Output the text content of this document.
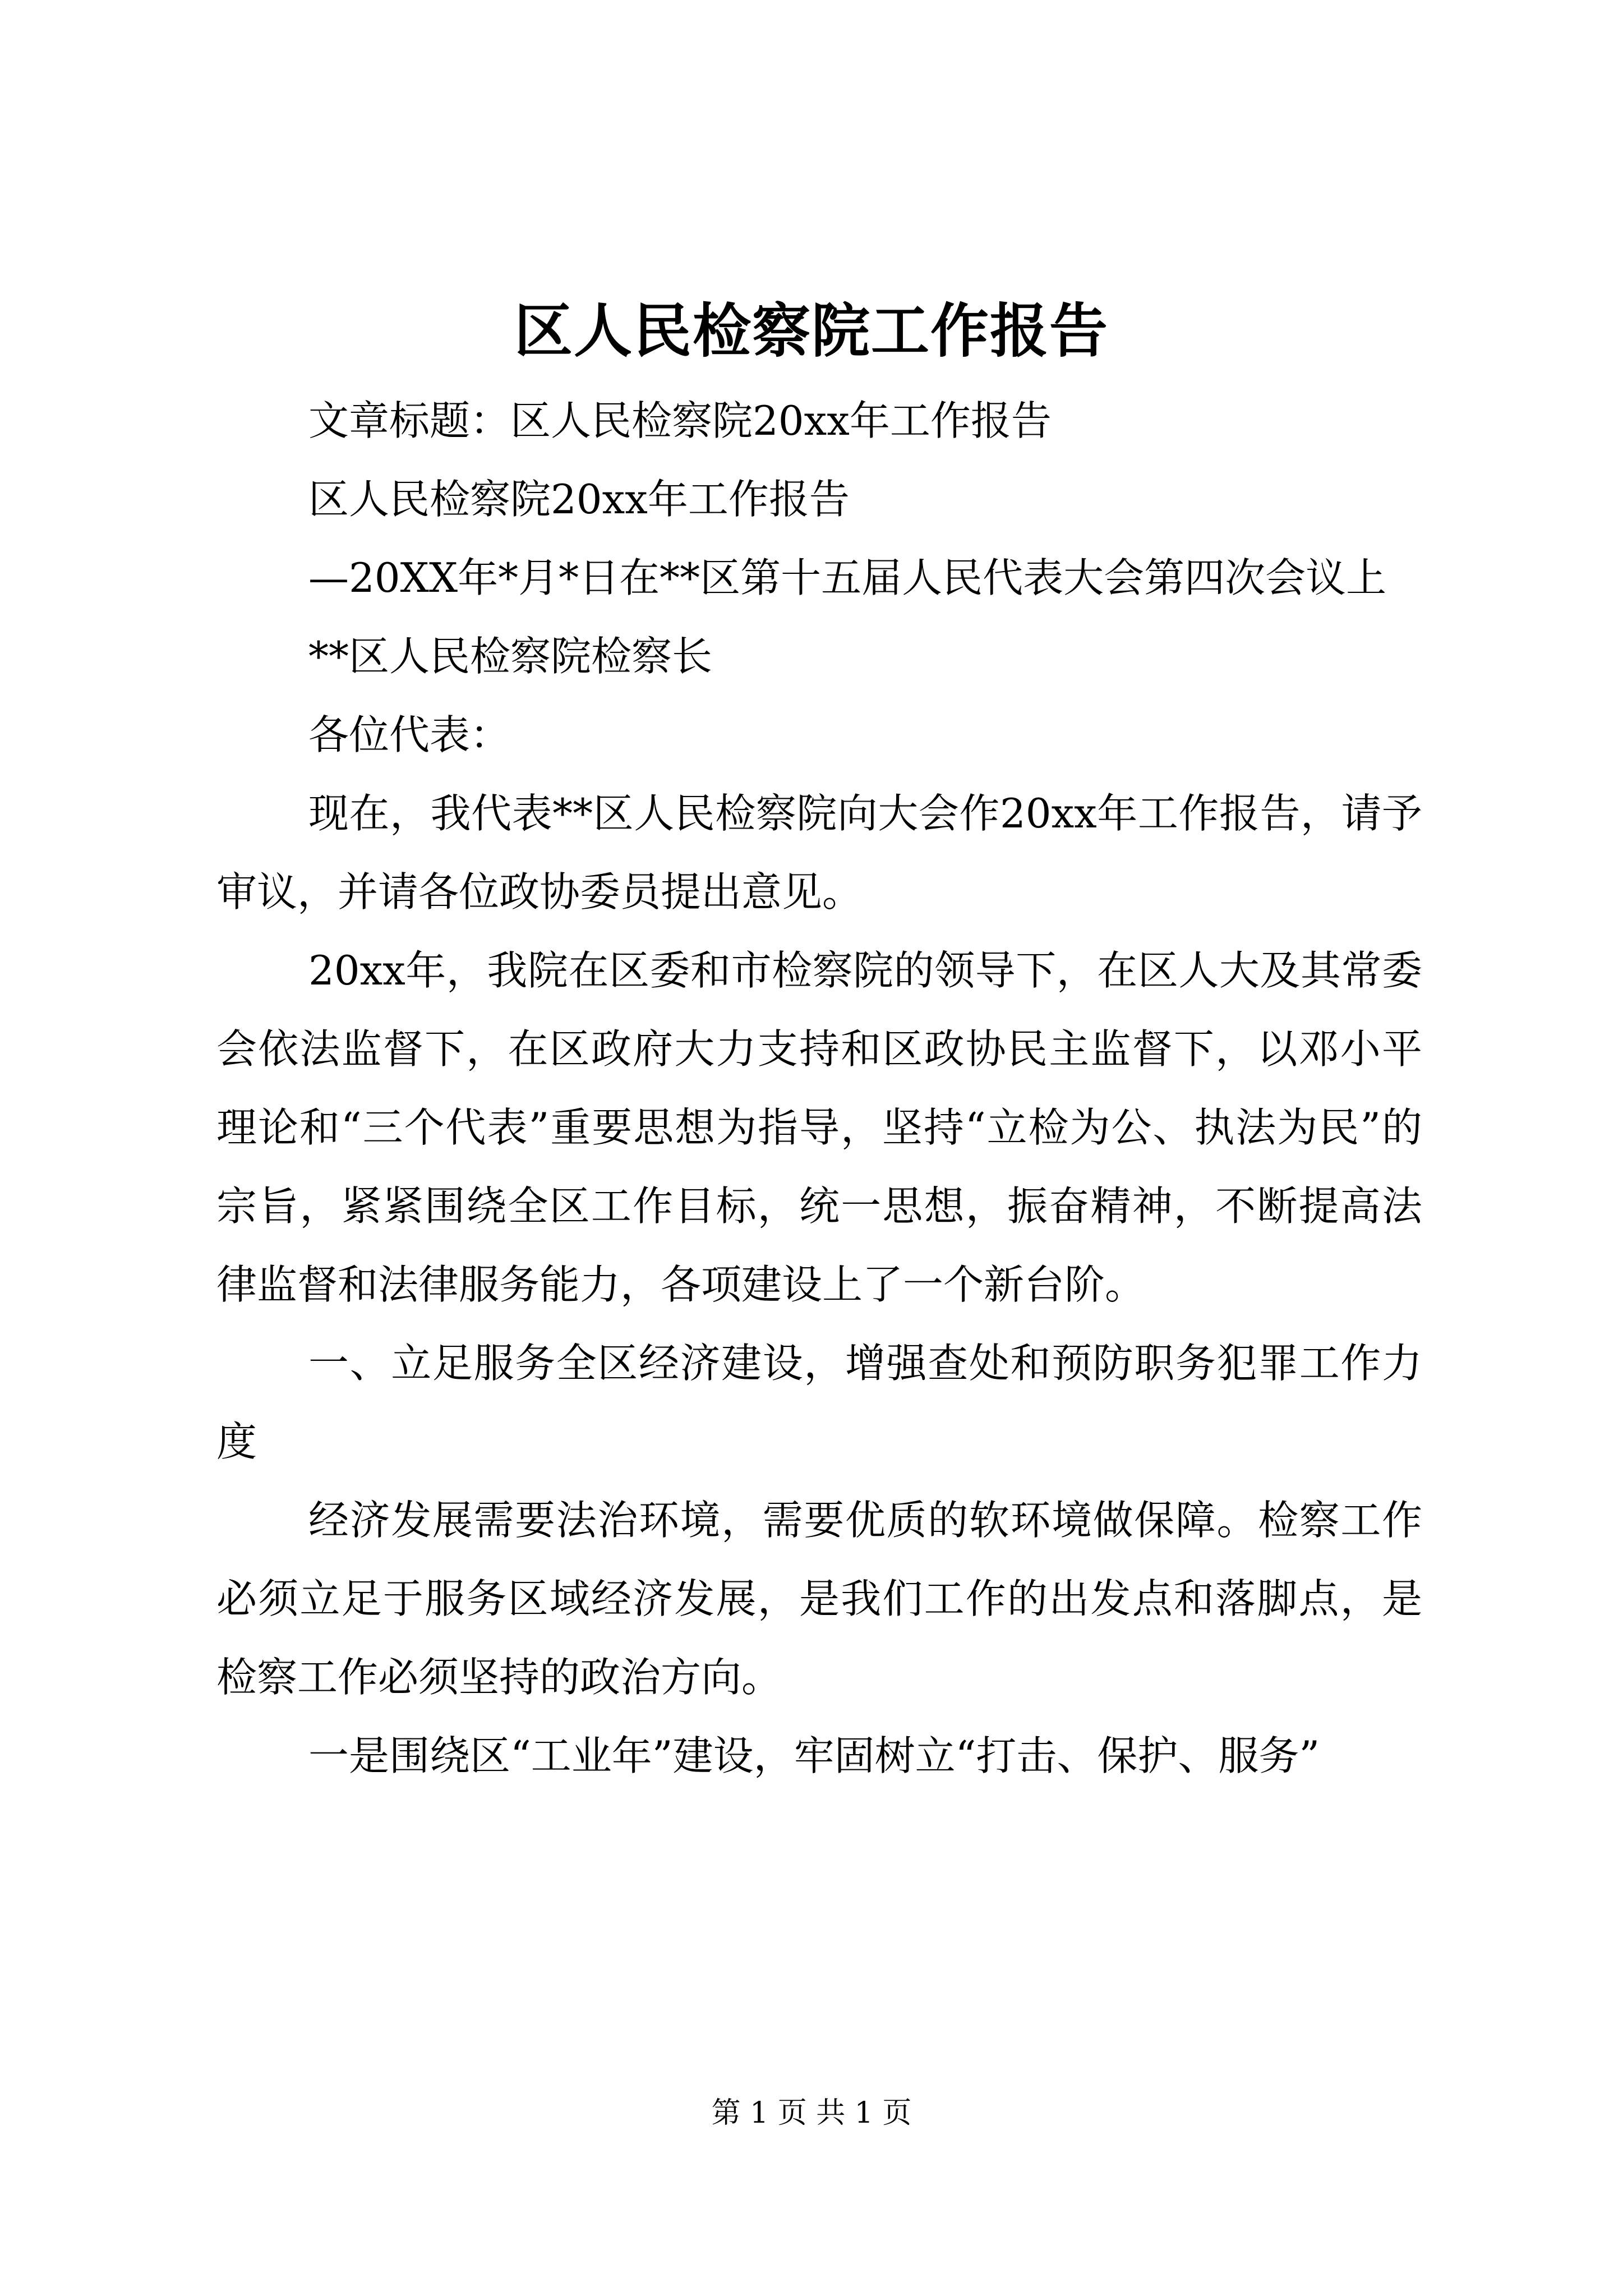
区人民检察院工作报告

文章标题：区人民检察院20xx年工作报告

区人民检察院20xx年工作报告

—20XX年*月*日在**区第十五届人民代表大会第四次会议上

**区人民检察院检察长

各位代表：

现在，我代表**区人民检察院向大会作20xx年工作报告，请予审议，并请各位政协委员提出意见。

20xx年，我院在区委和市检察院的领导下，在区人大及其常委会依法监督下，在区政府大力支持和区政协民主监督下，以邓小平理论和“三个代表”重要思想为指导，坚持“立检为公、执法为民”的宗旨，紧紧围绕全区工作目标，统一思想，振奋精神，不断提高法律监督和法律服务能力，各项建设上了一个新台阶。

一、立足服务全区经济建设，增强查处和预防职务犯罪工作力度

经济发展需要法治环境，需要优质的软环境做保障。检察工作必须立足于服务区域经济发展，是我们工作的出发点和落脚点，是检察工作必须坚持的政治方向。

一是围绕区“工业年”建设，牢固树立“打击、保护、服务”

第 1 页 共 1 页
